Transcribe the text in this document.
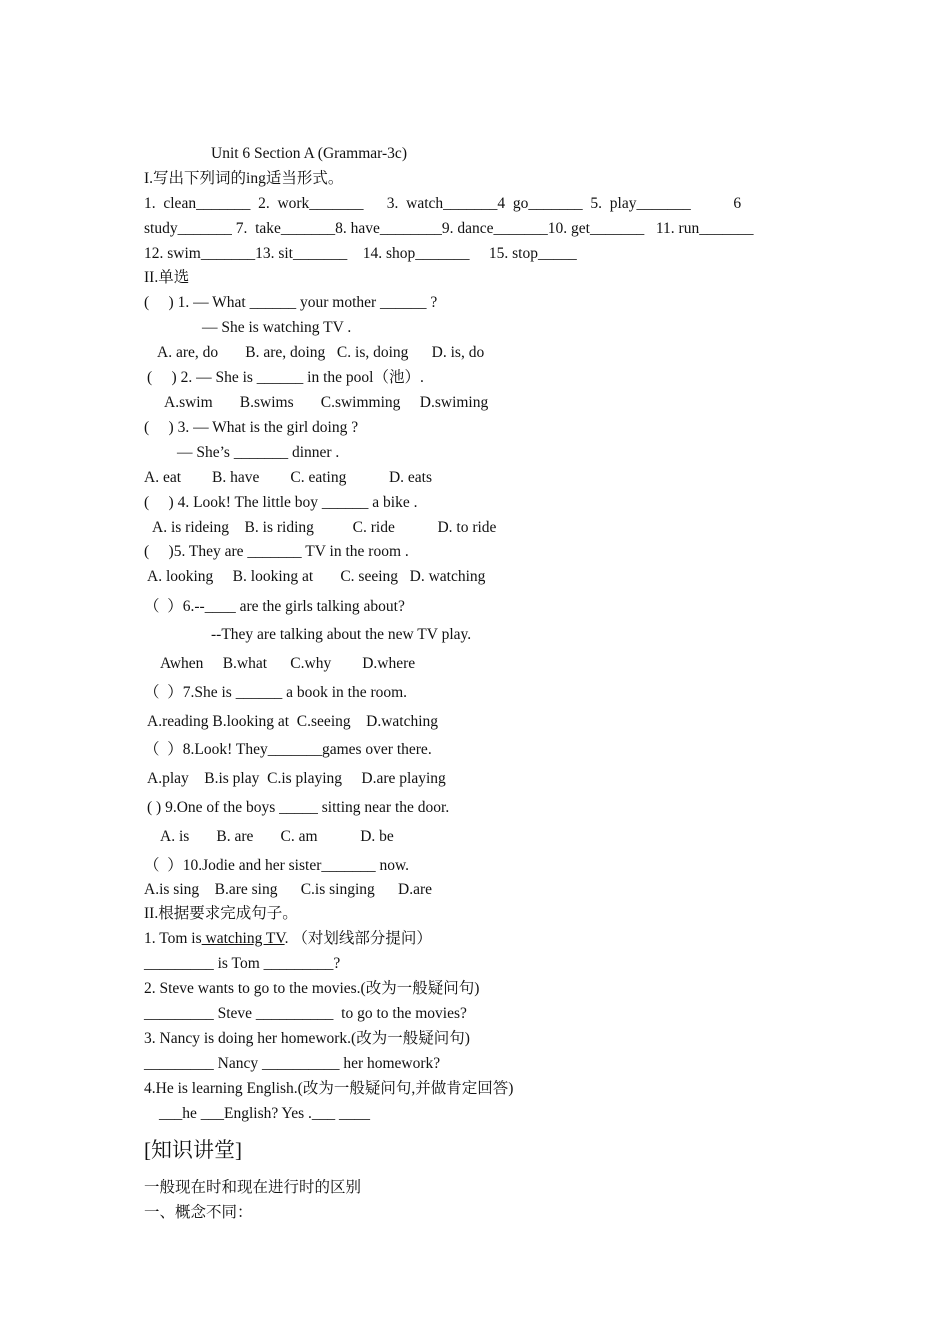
Unit 6 Section A (Grammar-3c)
I.写出下列词的ing适当形式。
1.  clean_______  2.  work_______      3.  watch_______4  go_______  5.  play_______           6
study_______ 7.  take_______8. have________9. dance_______10. get_______   11. run_______
12. swim_______13. sit_______    14. shop_______     15. stop_____
II.单选
(     ) 1. — What ______ your mother ______ ?
— She is watching TV .
A. are, do       B. are, doing   C. is, doing      D. is, do
(     ) 2. — She is ______ in the pool（池）.
A.swim       B.swims       C.swimming     D.swiming
(     ) 3. — What is the girl doing ?
— She’s _______ dinner .
A. eat        B. have        C. eating           D. eats
(     ) 4. Look! The little boy ______ a bike .
A. is rideing    B. is riding          C. ride           D. to ride
(     )5. They are _______ TV in the room .
A. looking     B. looking at       C. seeing   D. watching
（  ）6.--____ are the girls talking about?
--They are talking about the new TV play.
Awhen     B.what      C.why        D.where
（  ）7.She is ______ a book in the room.
A.reading B.looking at  C.seeing    D.watching
（  ）8.Look! They_______games over there.
A.play    B.is play  C.is playing     D.are playing
( ) 9.One of the boys _____ sitting near the door.
A. is       B. are       C. am           D. be
（  ）10.Jodie and her sister_______ now.
A.is sing    B.are sing      C.is singing      D.are
II.根据要求完成句子。
1. Tom is watching TV. （对划线部分提问）
_________ is Tom _________?
2. Steve wants to go to the movies.(改为一般疑问句)
_________ Steve __________  to go to the movies?
3. Nancy is doing her homework.(改为一般疑问句)
_________ Nancy __________ her homework?
4.He is learning English.(改为一般疑问句,并做肯定回答)
___he ___English? Yes .___ ____
[知识讲堂]
一般现在时和现在进行时的区别
一、概念不同：
